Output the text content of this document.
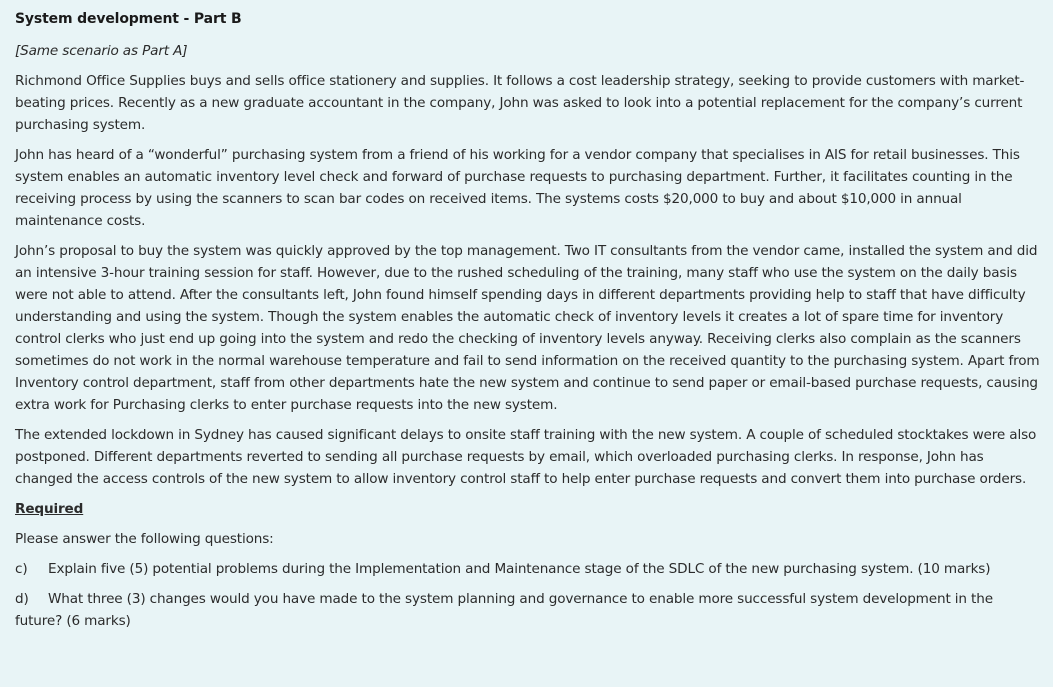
System development - Part B
[Same scenario as Part A]

Richmond Office Supplies buys and sells office stationery and supplies. It follows a cost leadership strategy, seeking to provide customers with market-beating prices. Recently as a new graduate accountant in the company, John was asked to look into a potential replacement for the company’s current purchasing system.

John has heard of a “wonderful” purchasing system from a friend of his working for a vendor company that specialises in AIS for retail businesses. This system enables an automatic inventory level check and forward of purchase requests to purchasing department. Further, it facilitates counting in the receiving process by using the scanners to scan bar codes on received items. The systems costs $20,000 to buy and about $10,000 in annual maintenance costs.

John’s proposal to buy the system was quickly approved by the top management. Two IT consultants from the vendor came, installed the system and did an intensive 3-hour training session for staff. However, due to the rushed scheduling of the training, many staff who use the system on the daily basis were not able to attend. After the consultants left, John found himself spending days in different departments providing help to staff that have difficulty understanding and using the system. Though the system enables the automatic check of inventory levels it creates a lot of spare time for inventory control clerks who just end up going into the system and redo the checking of inventory levels anyway. Receiving clerks also complain as the scanners sometimes do not work in the normal warehouse temperature and fail to send information on the received quantity to the purchasing system. Apart from Inventory control department, staff from other departments hate the new system and continue to send paper or email-based purchase requests, causing extra work for Purchasing clerks to enter purchase requests into the new system.

The extended lockdown in Sydney has caused significant delays to onsite staff training with the new system. A couple of scheduled stocktakes were also postponed. Different departments reverted to sending all purchase requests by email, which overloaded purchasing clerks. In response, John has changed the access controls of the new system to allow inventory control staff to help enter purchase requests and convert them into purchase orders.

Required

Please answer the following questions:

c) Explain five (5) potential problems during the Implementation and Maintenance stage of the SDLC of the new purchasing system. (10 marks)
d) What three (3) changes would you have made to the system planning and governance to enable more successful system development in the future? (6 marks)
